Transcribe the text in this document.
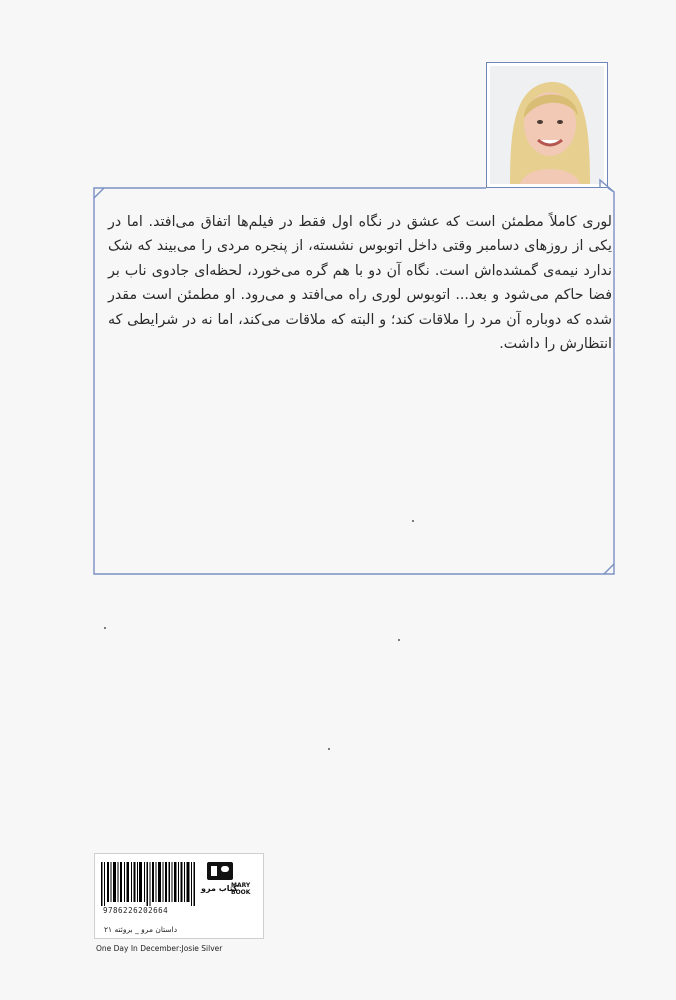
لوری کاملاً مطمئن است که عشق در نگاه اول فقط در فیلم‌ها اتفاق می‌افتد. اما در یکی از روزهای دسامبر وقتی داخل اتوبوس نشسته، از پنجره مردی را می‌بیند که شک ندارد نیمه‌ی گمشده‌اش است. نگاه آن دو با هم گره می‌خورد، لحظه‌ای جادوی ناب بر فضا حاکم می‌شود و بعد... اتوبوس لوری راه می‌افتد و می‌رود. او مطمئن است مقدر شده که دوباره آن مرد را ملاقات کند؛ و البته که ملاقات می‌کند، اما نه در شرایطی که انتظارش را داشت.

9786226202664
کتاب مرو
MARY
BOOK
داستان مرو _ بروئته ۲۱
One Day In December:Josie Silver
